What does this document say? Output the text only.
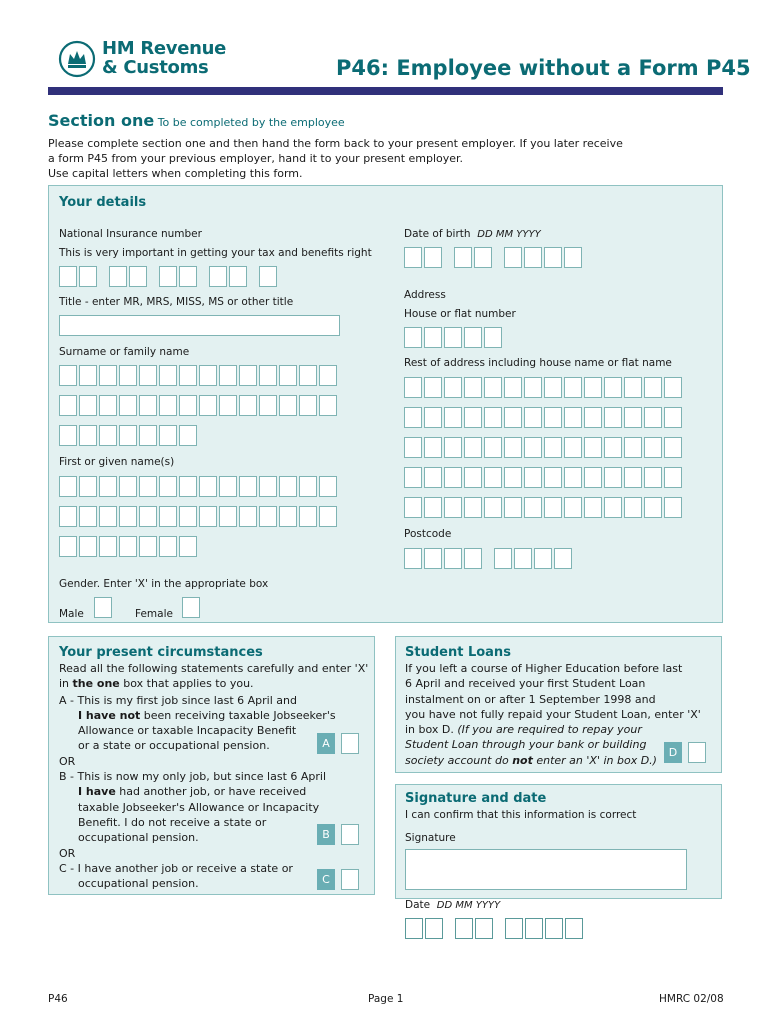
HM Revenue
& Customs	P46: Employee without a Form P45
Section one To be completed by the employee
Please complete section one and then hand the form back to your present employer. If you later receive
a form P45 from your previous employer, hand it to your present employer.
Use capital letters when completing this form.
Your details
National Insurance number
This is very important in getting your tax and benefits right
Date of birth DD MM YYYY
Title - enter MR, MRS, MISS, MS or other title
Address
House or flat number
Surname or family name
Rest of address including house name or flat name
First or given name(s)
Postcode
Gender. Enter 'X' in the appropriate box
Male	Female
Your present circumstances
Read all the following statements carefully and enter 'X'
in the one box that applies to you.
A - This is my first job since last 6 April and
I have not been receiving taxable Jobseeker's
Allowance or taxable Incapacity Benefit
or a state or occupational pension.
OR
B - This is now my only job, but since last 6 April
I have had another job, or have received
taxable Jobseeker's Allowance or Incapacity
Benefit. I do not receive a state or
occupational pension.
OR
C - I have another job or receive a state or
occupational pension.
A
B
C
Student Loans
If you left a course of Higher Education before last
6 April and received your first Student Loan
instalment on or after 1 September 1998 and
you have not fully repaid your Student Loan, enter 'X'
in box D. (If you are required to repay your
Student Loan through your bank or building
society account do not enter an 'X' in box D.)
D
Signature and date
I can confirm that this information is correct
Signature
Date DD MM YYYY
P46	Page 1	HMRC 02/08
